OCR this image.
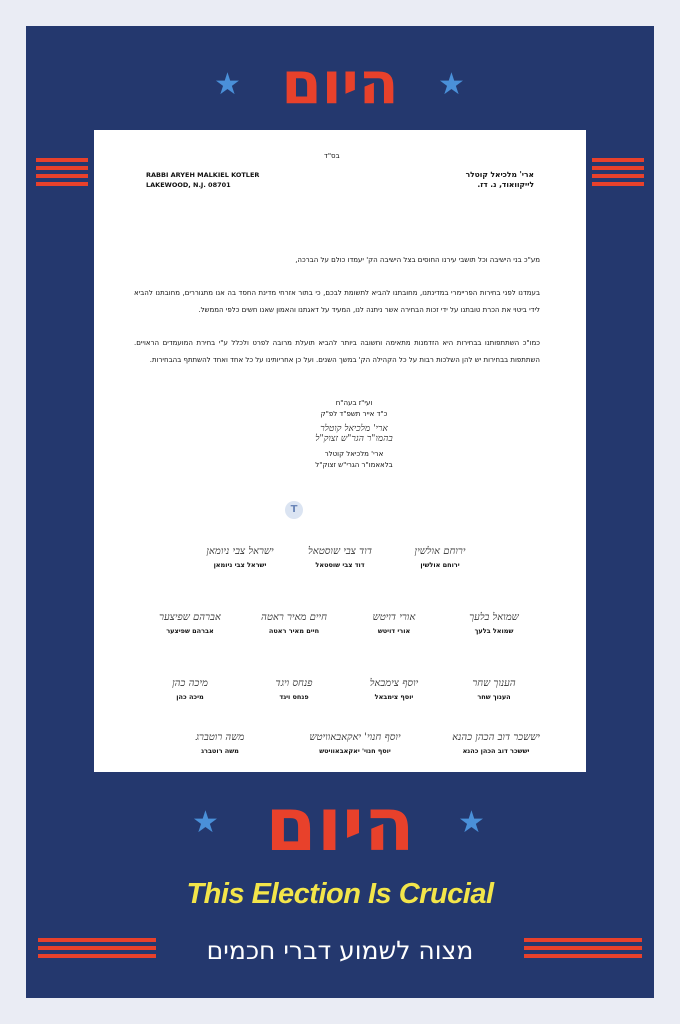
★	★
היום
בס"ד
RABBI ARYEH MALKIEL KOTLER
LAKEWOOD, N.J. 08701
ארי' מלכיאל קוטלר
לייקוואוד, נ. דז.

מע"כ בני הישיבה וכל תושבי עירנו החוסים בצל הישיבה הק' יעמדו כולם על הברכה,

בעמדנו לפני בחירות הפריימרי במדינתנו, מחובתנו להביא לתשומת לבכם, כי בתור אזרחי מדינת החסד בה אנו מתגוררים, מחובתנו להביא לידי ביטוי את הכרת טובתנו על ידי זכות הבחירה אשר ניתנה לנו, המעיד על דאגתנו והאמון שאנו חשים כלפי הממשל.

כמו"כ השתתפותנו בבחירות היא הזדמנות מתאימה וחשובה ביותר להביא תועלת מרובה לפרט ולכלל ע"י בחירת המועמדים הראויים. השתתפות בבחירות יש להן השלכות רבות על כל הקהילה הק' במשך השנים. ועל כן אחריותינו על כל אחד ואחד להשתתף בהבחירות.

ועי"ז בעה"ח
כ"ד אייר תשפ"ד לפ"ק
ארי' מלכיאל קוטלר
בהמו"ר הגר"ש זצוק"ל
ארי' מלכיאל קוטלר
בלאאמו"ר הגרי"ש זצוק"ל
T
ירוחם אולשין
ירוחם אולשין
דוד צבי שוסטאל
דוד צבי שוסטאל
ישראל צבי ניומאן
ישראל צבי ניומאן
שמואל בלעך
שמואל בלעך
אורי דויטש
אורי דויטש
חיים מאיר ראטה
חיים מאיר ראטה
אברהם שפיצער
אברהם שפיצער
הענוך שחר
הענוך שחר
יוסף צימבאל
יוסף צימבאל
פנחס ויגד
פנחס ויגד
מיכה כהן
מיכה כהן
יששכר דוב הכהן כהנא
יששכר דוב הכהן כהנא
יוסף חנוי' יאקאבאוויטש
יוסף חנוי' יאקאבאוויטש
משה רוטברג
משה רוטברג
★	★
היום
This Election Is Crucial
מצוה לשמוע דברי חכמים
